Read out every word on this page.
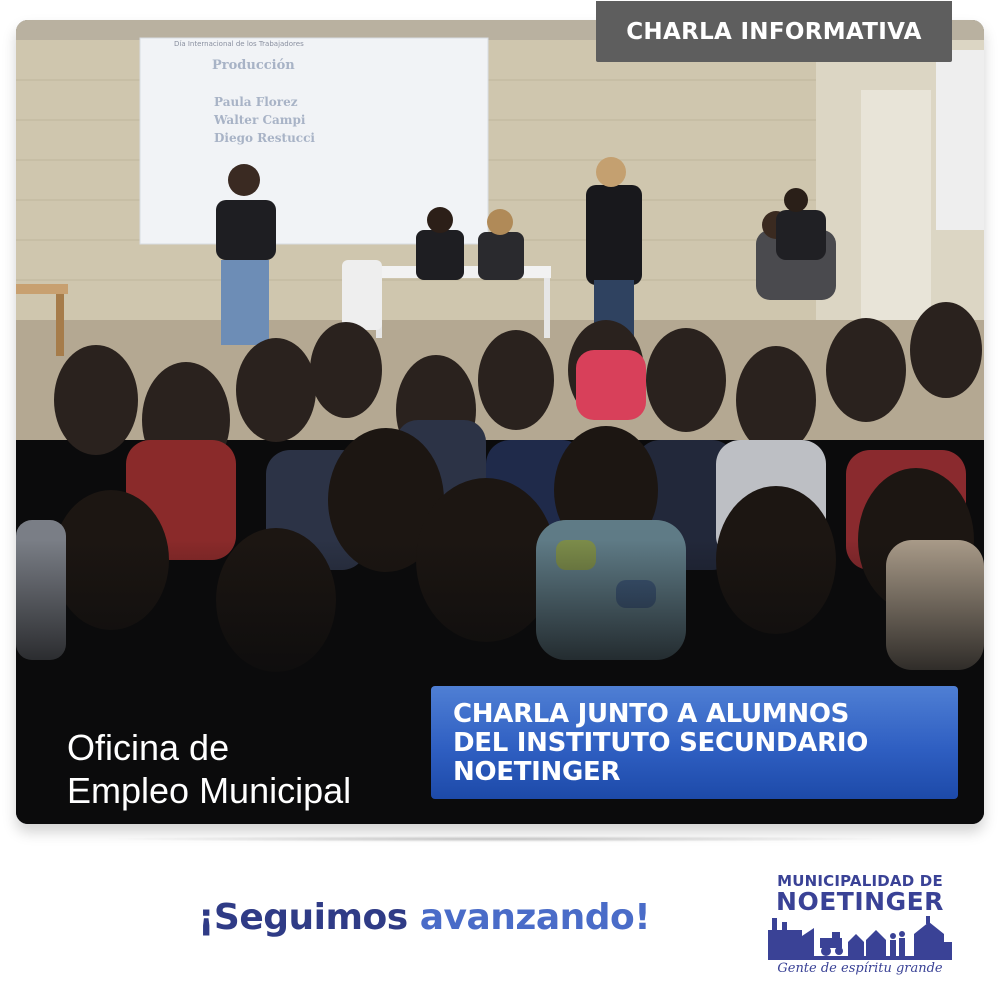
Día Internacional de los Trabajadores
Producción
Paula Florez
Walter Campi
Diego Restucci
Oficina de
Empleo Municipal
CHARLA INFORMATIVA
CHARLA JUNTO A ALUMNOS
DEL INSTITUTO SECUNDARIO
NOETINGER
¡Seguimos avanzando!
MUNICIPALIDAD DE
NOETINGER
Gente de espíritu grande
